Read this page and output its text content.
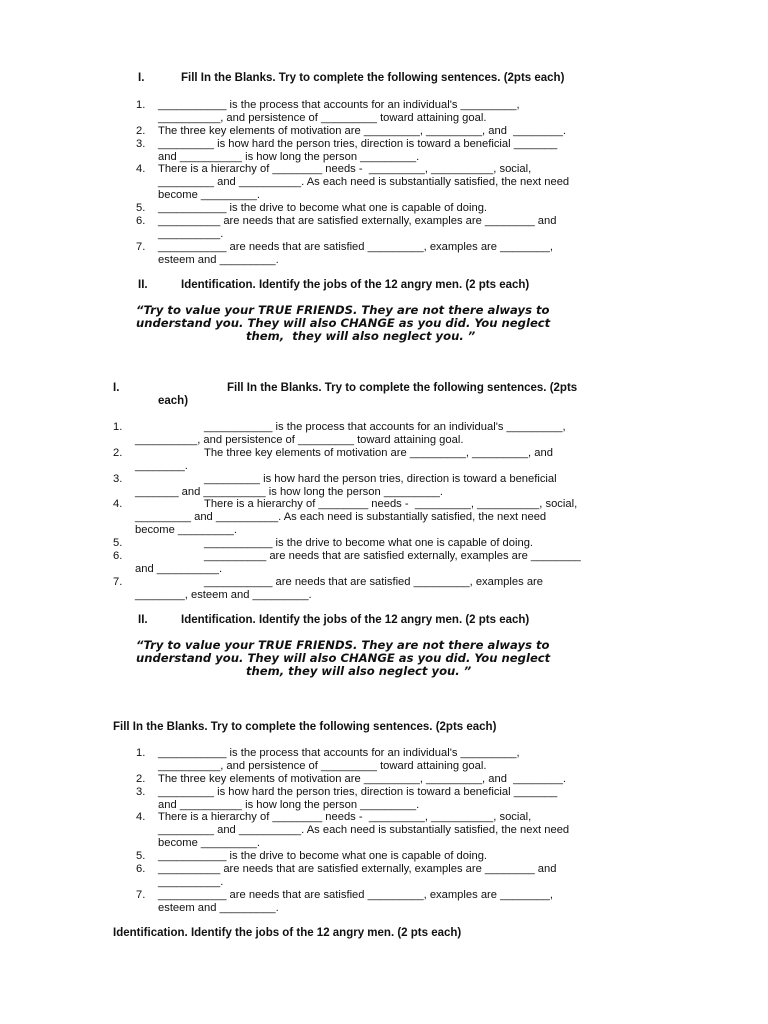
I.	Fill In the Blanks. Try to complete the following sentences. (2pts each)
1. ___________ is the process that accounts for an individual's _________,
__________, and persistence of _________ toward attaining goal.
2. The three key elements of motivation are _________, _________, and  ________.
3. _________ is how hard the person tries, direction is toward a beneficial _______
and __________ is how long the person _________.
4. There is a hierarchy of ________ needs -  _________, __________, social,
_________ and __________. As each need is substantially satisfied, the next need
become _________.
5. ___________ is the drive to become what one is capable of doing.
6. __________ are needs that are satisfied externally, examples are ________ and
__________.
7. ___________ are needs that are satisfied _________, examples are ________,
esteem and _________.
II.	Identification. Identify the jobs of the 12 angry men. (2 pts each)
“Try to value your TRUE FRIENDS. They are not there always to
understand you. They will also CHANGE as you did. You neglect
them,  they will also neglect you. ”
I.	Fill In the Blanks. Try to complete the following sentences. (2pts
each)
1.	___________ is the process that accounts for an individual's _________,
__________, and persistence of _________ toward attaining goal.
2.	The three key elements of motivation are _________, _________, and
________.
3.	_________ is how hard the person tries, direction is toward a beneficial
_______ and __________ is how long the person _________.
4.	There is a hierarchy of ________ needs -  _________, __________, social,
_________ and __________. As each need is substantially satisfied, the next need
become _________.
5.	___________ is the drive to become what one is capable of doing.
6.	__________ are needs that are satisfied externally, examples are ________
and __________.
7.	___________ are needs that are satisfied _________, examples are
________, esteem and _________.
II.	Identification. Identify the jobs of the 12 angry men. (2 pts each)
“Try to value your TRUE FRIENDS. They are not there always to
understand you. They will also CHANGE as you did. You neglect
them, they will also neglect you. ”
Fill In the Blanks. Try to complete the following sentences. (2pts each)
1. ___________ is the process that accounts for an individual's _________,
__________, and persistence of _________ toward attaining goal.
2. The three key elements of motivation are _________, _________, and  ________.
3. _________ is how hard the person tries, direction is toward a beneficial _______
and __________ is how long the person _________.
4. There is a hierarchy of ________ needs -  _________, __________, social,
_________ and __________. As each need is substantially satisfied, the next need
become _________.
5. ___________ is the drive to become what one is capable of doing.
6. __________ are needs that are satisfied externally, examples are ________ and
__________.
7. ___________ are needs that are satisfied _________, examples are ________,
esteem and _________.
Identification. Identify the jobs of the 12 angry men. (2 pts each)
